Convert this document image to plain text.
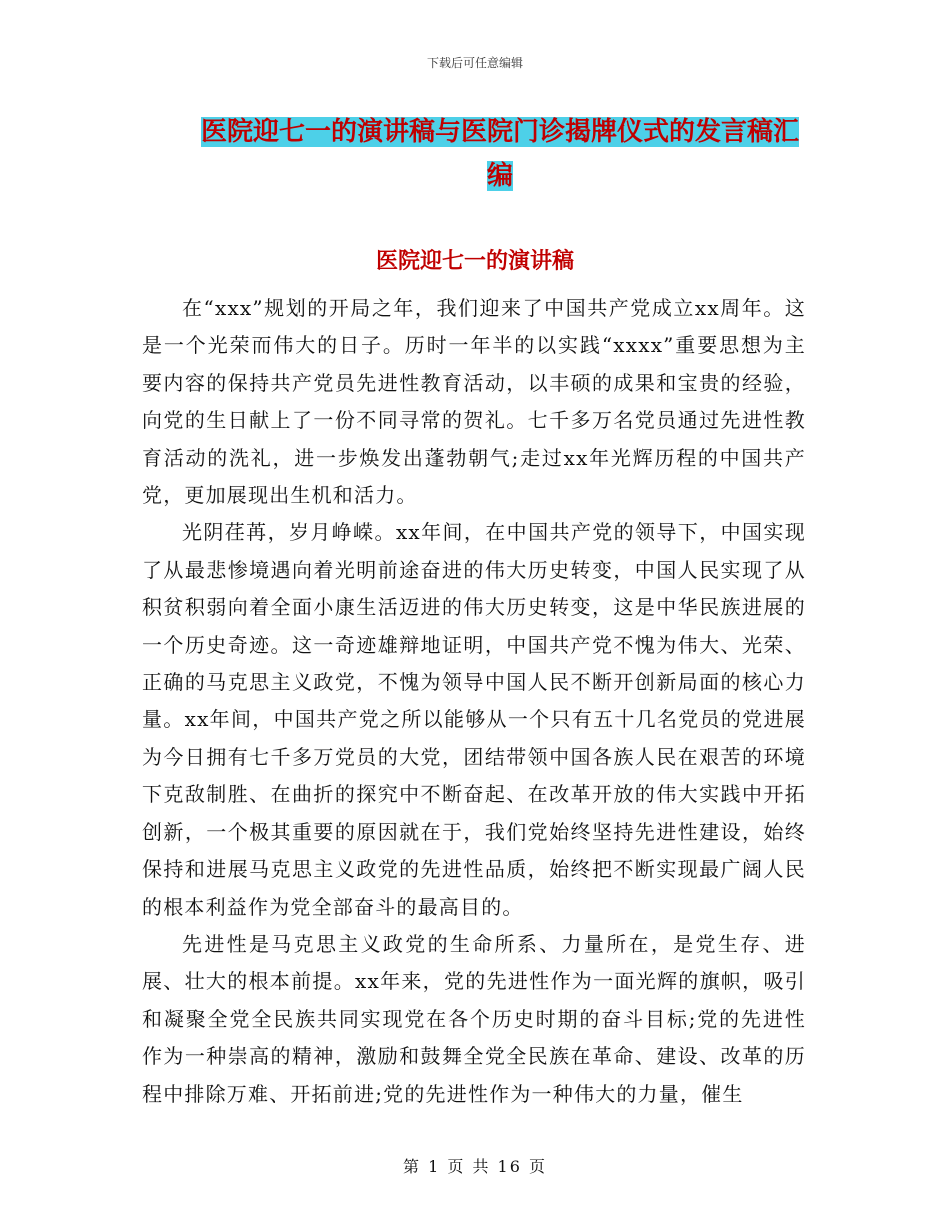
下载后可任意编辑
医院迎七一的演讲稿与医院门诊揭牌仪式的发言稿汇编
医院迎七一的演讲稿

在“xxx”规划的开局之年，我们迎来了中国共产党成立xx周年。这是一个光荣而伟大的日子。历时一年半的以实践“xxxx”重要思想为主要内容的保持共产党员先进性教育活动，以丰硕的成果和宝贵的经验，向党的生日献上了一份不同寻常的贺礼。七千多万名党员通过先进性教育活动的洗礼，进一步焕发出蓬勃朝气;走过xx年光辉历程的中国共产党，更加展现出生机和活力。

光阴荏苒，岁月峥嵘。xx年间，在中国共产党的领导下，中国实现了从最悲惨境遇向着光明前途奋进的伟大历史转变，中国人民实现了从积贫积弱向着全面小康生活迈进的伟大历史转变，这是中华民族进展的一个历史奇迹。这一奇迹雄辩地证明，中国共产党不愧为伟大、光荣、正确的马克思主义政党，不愧为领导中国人民不断开创新局面的核心力量。xx年间，中国共产党之所以能够从一个只有五十几名党员的党进展为今日拥有七千多万党员的大党，团结带领中国各族人民在艰苦的环境下克敌制胜、在曲折的探究中不断奋起、在改革开放的伟大实践中开拓创新，一个极其重要的原因就在于，我们党始终坚持先进性建设，始终保持和进展马克思主义政党的先进性品质，始终把不断实现最广阔人民的根本利益作为党全部奋斗的最高目的。

先进性是马克思主义政党的生命所系、力量所在，是党生存、进展、壮大的根本前提。xx年来，党的先进性作为一面光辉的旗帜，吸引和凝聚全党全民族共同实现党在各个历史时期的奋斗目标;党的先进性作为一种崇高的精神，激励和鼓舞全党全民族在革命、建设、改革的历程中排除万难、开拓前进;党的先进性作为一种伟大的力量，催生

第 1 页 共 16 页
